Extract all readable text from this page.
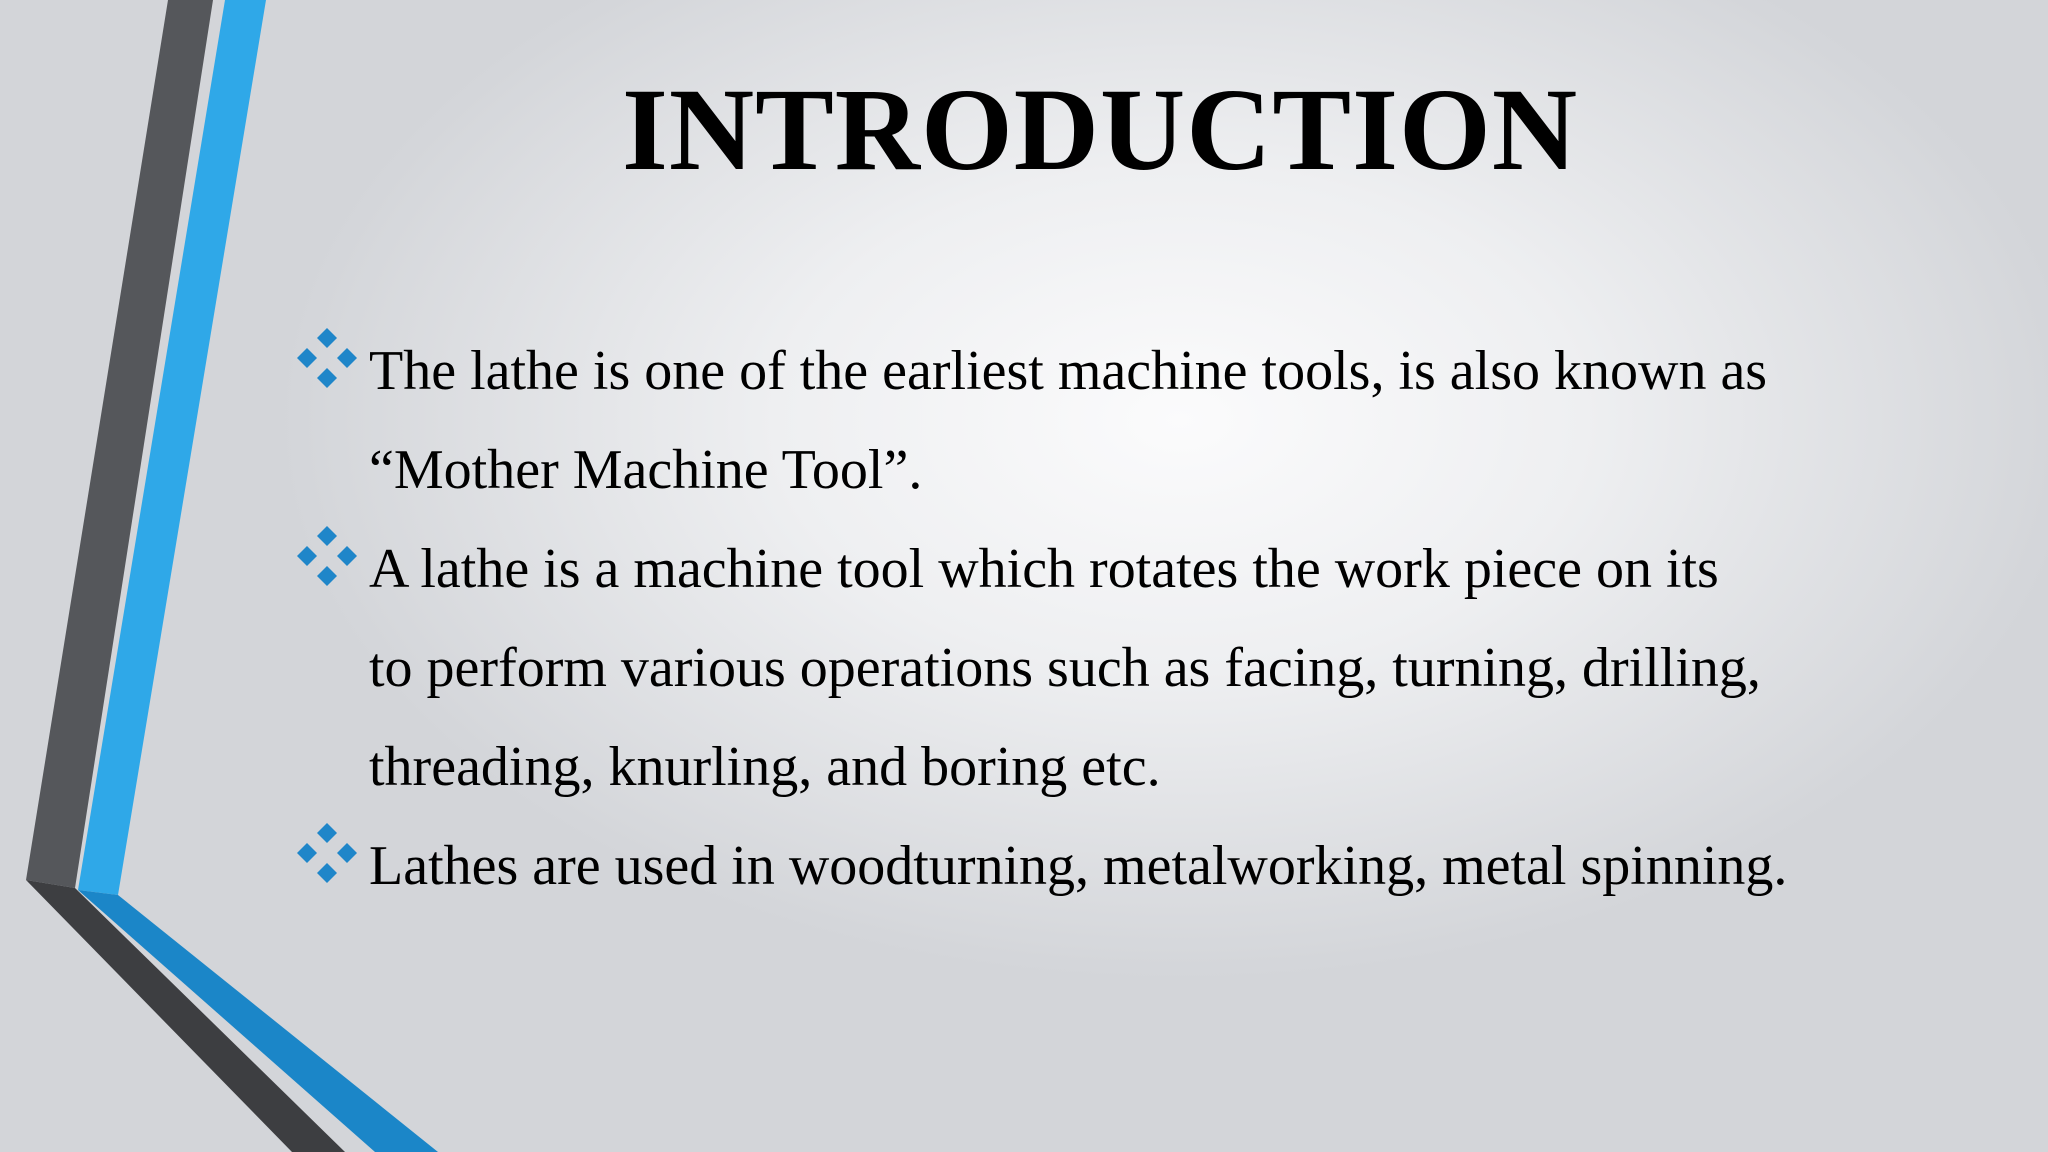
INTRODUCTION
The lathe is one of the earliest machine tools, is also known as
“Mother Machine Tool”.
A lathe is a machine tool which rotates the work piece on its
to perform various operations such as facing, turning, drilling,
threading, knurling, and boring etc.
Lathes are used in woodturning, metalworking, metal spinning.
